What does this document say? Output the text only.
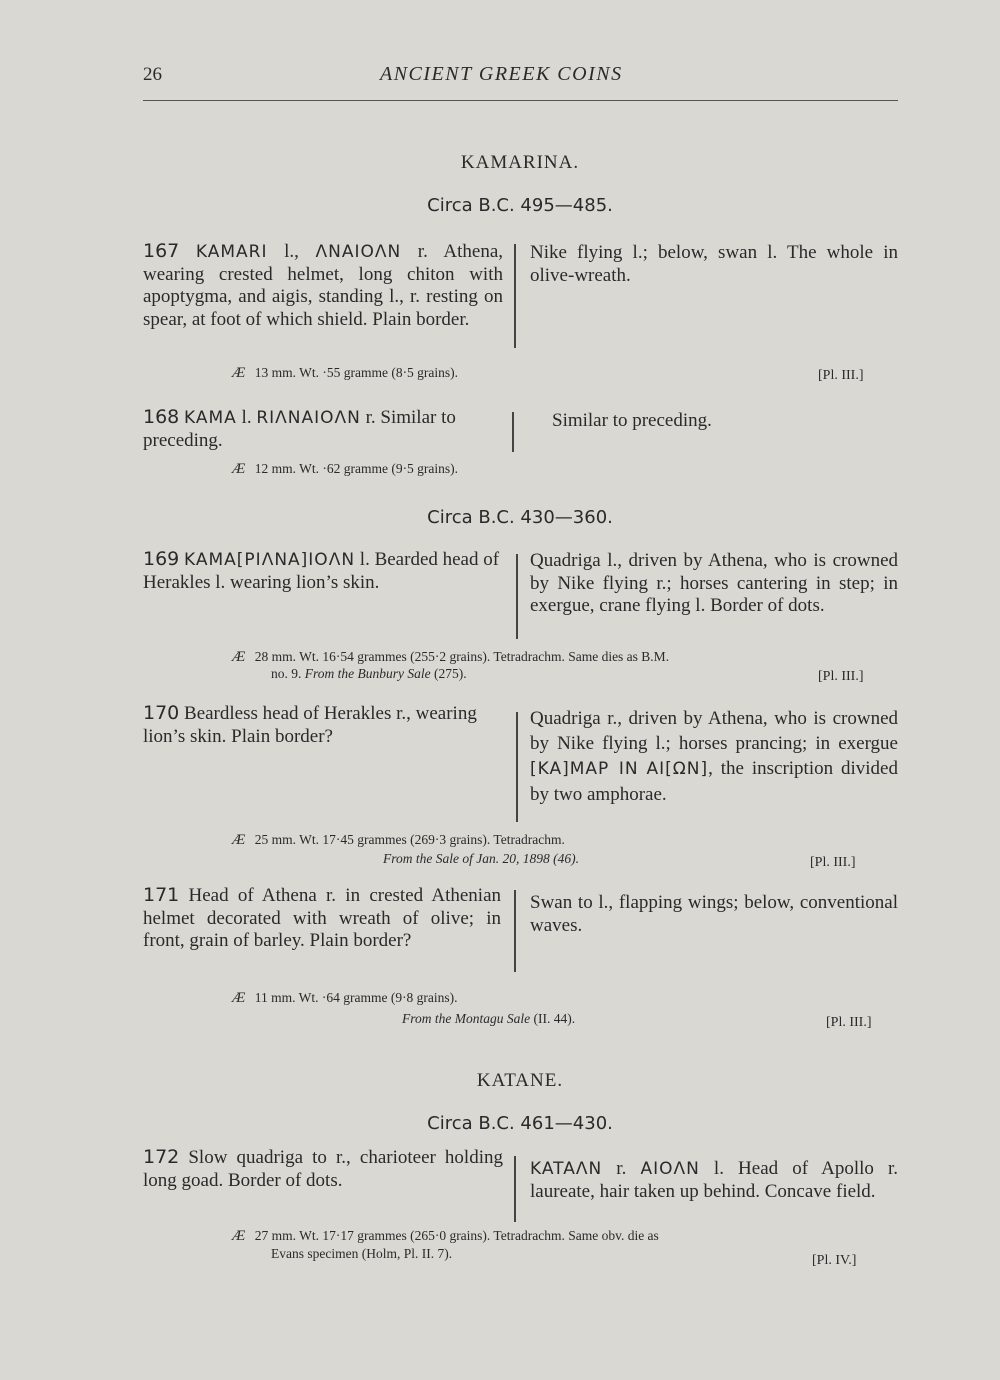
26	ANCIENT GREEK COINS
KAMARINA.
Circa B.C. 495—485.
167 KAMARI l., ΛΝΑΙΟΛΝ r. Athena, wearing crested helmet, long chiton with apoptygma, and aigis, standing l., r. resting on spear, at foot of which shield. Plain border.
Nike flying l.; below, swan l. The whole in olive-wreath.
Æ 13 mm. Wt. ·55 gramme (8·5 grains).	[Pl. III.]
168 KAMA l. RIΛΝΑΙΟΛΝ r. Similar to preceding.
Similar to preceding.
Æ 12 mm. Wt. ·62 gramme (9·5 grains).
Circa B.C. 430—360.
169 KAMA[PIΛΝA]IOΛΝ l. Bearded head of Herakles l. wearing lion’s skin.
Quadriga l., driven by Athena, who is crowned by Nike flying r.; horses cantering in step; in exergue, crane flying l. Border of dots.
Æ 28 mm. Wt. 16·54 grammes (255·2 grains). Tetradrachm. Same dies as B.M.
no. 9. From the Bunbury Sale (275).	[Pl. III.]
170 Beardless head of Herakles r., wearing lion’s skin. Plain border?
Quadriga r., driven by Athena, who is crowned by Nike flying l.; horses prancing; in exergue [KA]MAP IN AI[ΩN], the inscription divided by two amphorae.
Æ 25 mm. Wt. 17·45 grammes (269·3 grains). Tetradrachm.
From the Sale of Jan. 20, 1898 (46).	[Pl. III.]
171 Head of Athena r. in crested Athenian helmet decorated with wreath of olive; in front, grain of barley. Plain border?
Swan to l., flapping wings; below, conventional waves.
Æ 11 mm. Wt. ·64 gramme (9·8 grains).
From the Montagu Sale (II. 44).	[Pl. III.]
KATANE.
Circa B.C. 461—430.
172 Slow quadriga to r., charioteer holding long goad. Border of dots.
KATAΛΝ r. AIOΛΝ l. Head of Apollo r. laureate, hair taken up behind. Concave field.
Æ 27 mm. Wt. 17·17 grammes (265·0 grains). Tetradrachm. Same obv. die as
Evans specimen (Holm, Pl. II. 7).	[Pl. IV.]
